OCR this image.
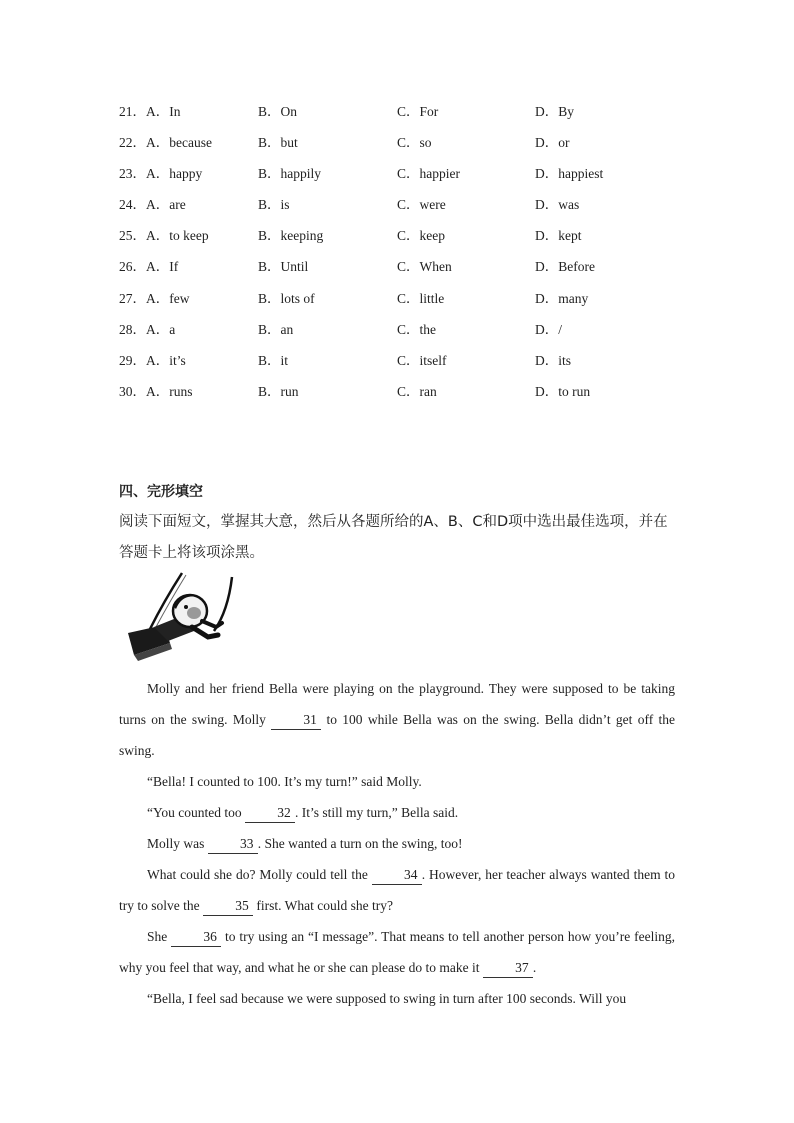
21．A．In	B．On	C．For	D．By
22．A．because	B．but	C．so	D．or
23．A．happy	B．happily	C．happier	D．happiest
24．A．are	B．is	C．were	D．was
25．A．to keep	B．keeping	C．keep	D．kept
26．A．If	B．Until	C．When	D．Before
27．A．few	B．lots of	C．little	D．many
28．A．a	B．an	C．the	D．/
29．A．it’s	B．it	C．itself	D．its
30．A．runs	B．run	C．ran	D．to run
四、完形填空
阅读下面短文，掌握其大意，然后从各题所给的A、B、C和D项中选出最佳选项，并在答题卡上将该项涂黑。

Molly and her friend Bella were playing on the playground. They were supposed to be taking turns on the swing. Molly 31 to 100 while Bella was on the swing. Bella didn’t get off the swing.

“Bella! I counted to 100. It’s my turn!” said Molly.

“You counted too 32 . It’s still my turn,” Bella said.

Molly was 33 . She wanted a turn on the swing, too!

What could she do? Molly could tell the 34 . However, her teacher always wanted them to try to solve the 35 first. What could she try?

She 36 to try using an “I message”. That means to tell another person how you’re feeling, why you feel that way, and what he or she can please do to make it 37 .

“Bella, I feel sad because we were supposed to swing in turn after 100 seconds. Will you
